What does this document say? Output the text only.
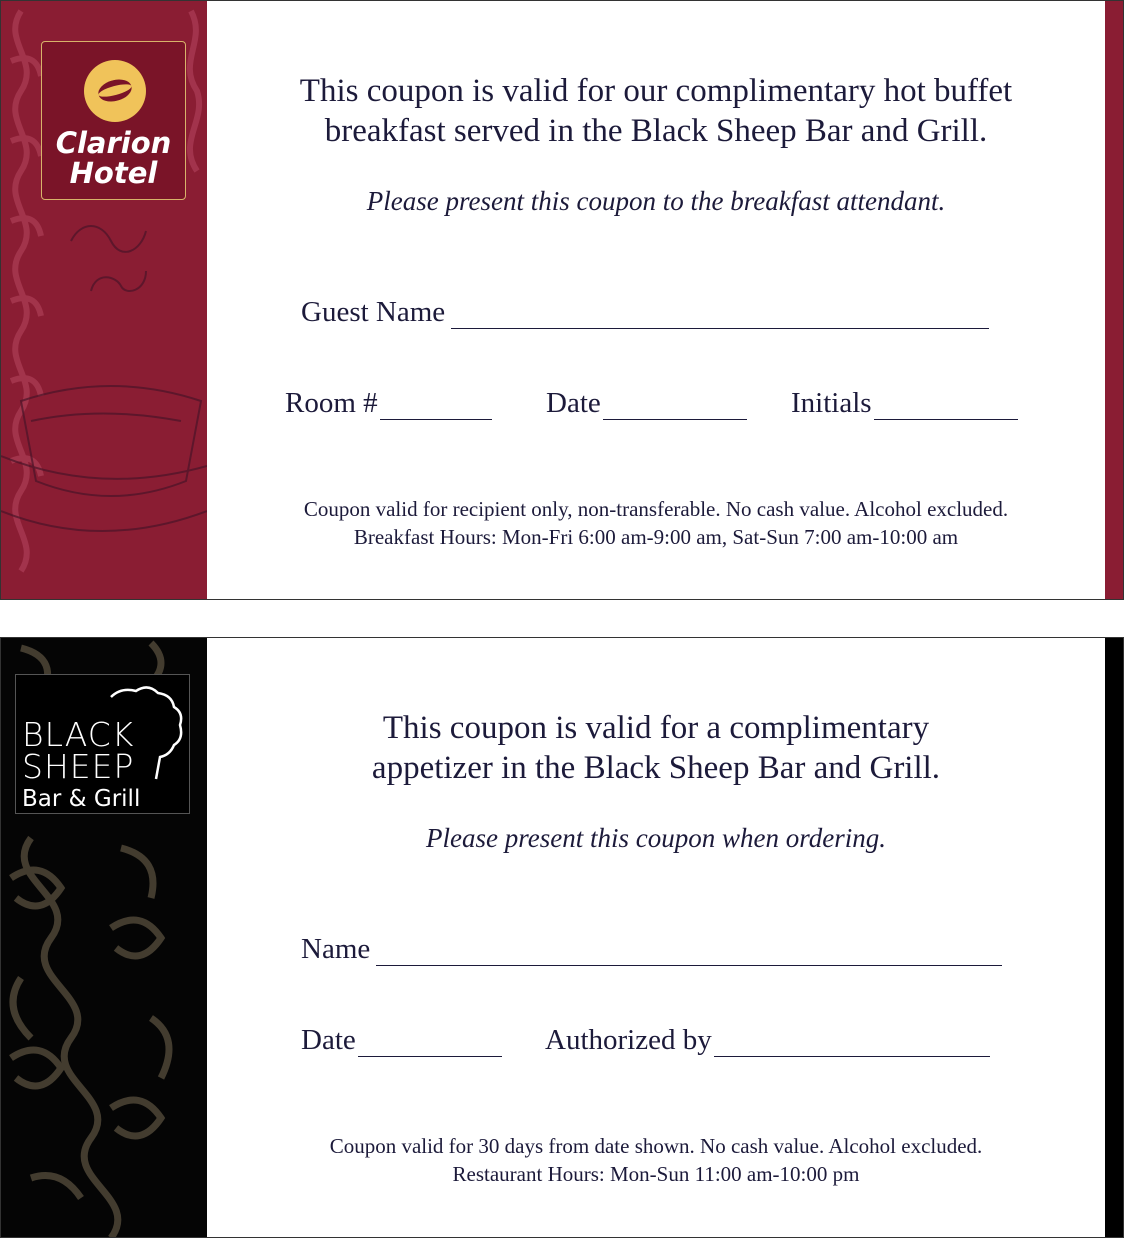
Clarion
Hotel
This coupon is valid for our complimentary hot buffet
breakfast served in the Black Sheep Bar and Grill.
Please present this coupon to the breakfast attendant.
Guest Name
Room #	Date	Initials
Coupon valid for recipient only, non-transferable. No cash value. Alcohol excluded.
Breakfast Hours: Mon-Fri 6:00 am-9:00 am, Sat-Sun 7:00 am-10:00 am
BLACK
SHEEP
Bar & Grill
This coupon is valid for a complimentary
appetizer in the Black Sheep Bar and Grill.
Please present this coupon when ordering.
Name
Date	Authorized by
Coupon valid for 30 days from date shown. No cash value. Alcohol excluded.
Restaurant Hours: Mon-Sun 11:00 am-10:00 pm
